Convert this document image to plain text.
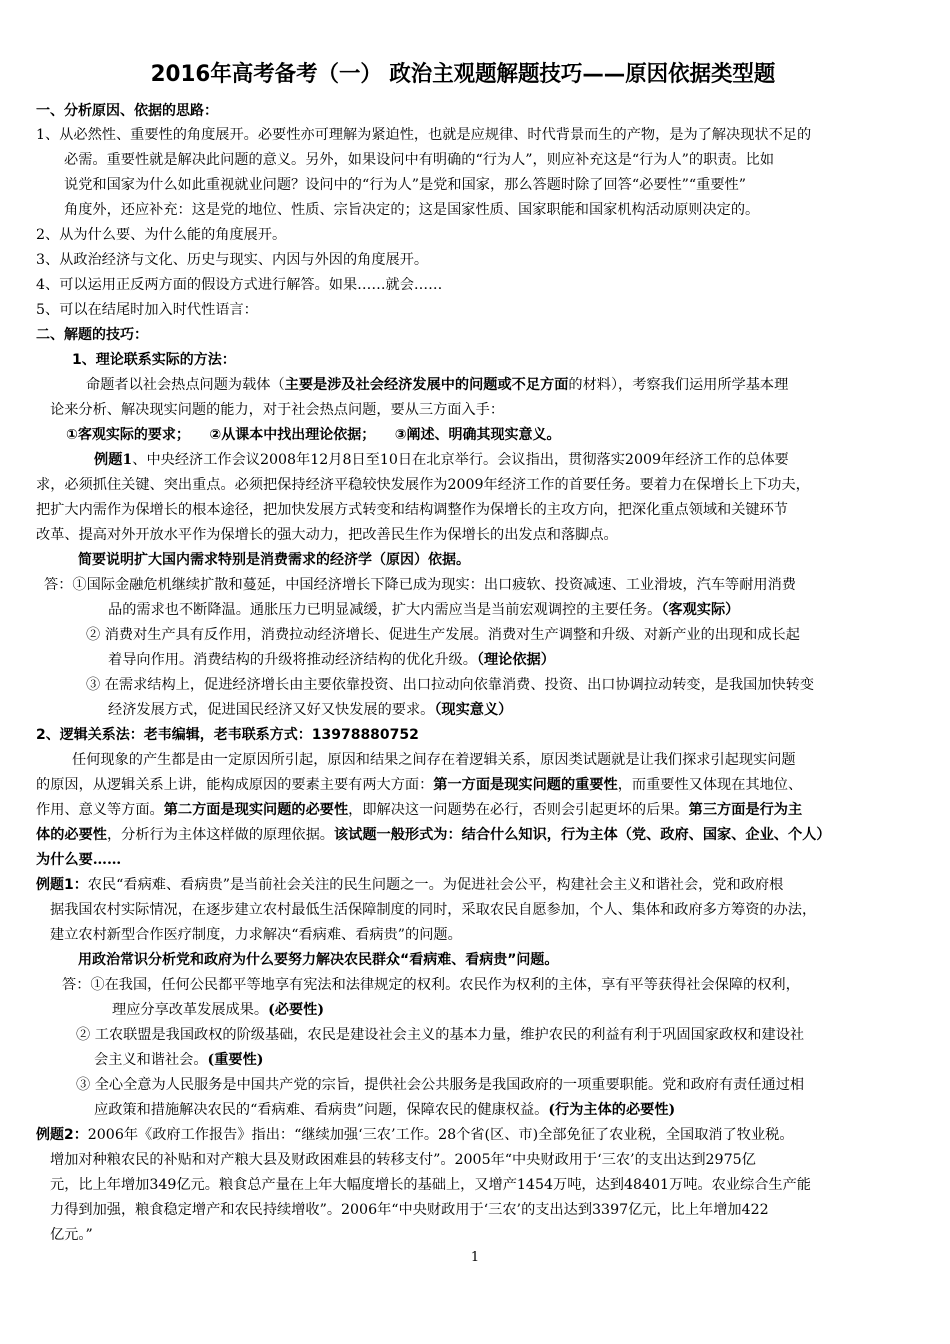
2016年高考备考（一） 政治主观题解题技巧——原因依据类型题
一、分析原因、依据的思路：
1、从必然性、重要性的角度展开。必要性亦可理解为紧迫性，也就是应规律、时代背景而生的产物，是为了解决现状不足的
必需。重要性就是解决此问题的意义。另外，如果设问中有明确的“行为人”，则应补充这是“行为人”的职责。比如
说党和国家为什么如此重视就业问题？设问中的“行为人”是党和国家，那么答题时除了回答“必要性”“重要性”
角度外，还应补充：这是党的地位、性质、宗旨决定的；这是国家性质、国家职能和国家机构活动原则决定的。
2、从为什么要、为什么能的角度展开。
3、从政治经济与文化、历史与现实、内因与外因的角度展开。
4、可以运用正反两方面的假设方式进行解答。如果……就会……
5、可以在结尾时加入时代性语言：
二、解题的技巧：
1、理论联系实际的方法：
命题者以社会热点问题为载体（主要是涉及社会经济发展中的问题或不足方面的材料），考察我们运用所学基本理
论来分析、解决现实问题的能力，对于社会热点问题，要从三方面入手：
①客观实际的要求；    ②从课本中找出理论依据；    ③阐述、明确其现实意义。
例题1、中央经济工作会议2008年12月8日至10日在北京举行。会议指出，贯彻落实2009年经济工作的总体要
求，必须抓住关键、突出重点。必须把保持经济平稳较快发展作为2009年经济工作的首要任务。要着力在保增长上下功夫，
把扩大内需作为保增长的根本途径，把加快发展方式转变和结构调整作为保增长的主攻方向，把深化重点领域和关键环节
改革、提高对外开放水平作为保增长的强大动力，把改善民生作为保增长的出发点和落脚点。
简要说明扩大国内需求特别是消费需求的经济学（原因）依据。
答：①国际金融危机继续扩散和蔓延，中国经济增长下降已成为现实：出口疲软、投资减速、工业滑坡，汽车等耐用消费
品的需求也不断降温。通胀压力已明显减缓，扩大内需应当是当前宏观调控的主要任务。（客观实际）
② 消费对生产具有反作用，消费拉动经济增长、促进生产发展。消费对生产调整和升级、对新产业的出现和成长起
着导向作用。消费结构的升级将推动经济结构的优化升级。（理论依据）
③ 在需求结构上，促进经济增长由主要依靠投资、出口拉动向依靠消费、投资、出口协调拉动转变，是我国加快转变
经济发展方式，促进国民经济又好又快发展的要求。（现实意义）
2、逻辑关系法：老韦编辑，老韦联系方式：13978880752
任何现象的产生都是由一定原因所引起，原因和结果之间存在着逻辑关系，原因类试题就是让我们探求引起现实问题
的原因，从逻辑关系上讲，能构成原因的要素主要有两大方面：第一方面是现实问题的重要性，而重要性又体现在其地位、
作用、意义等方面。第二方面是现实问题的必要性，即解决这一问题势在必行，否则会引起更坏的后果。第三方面是行为主
体的必要性，分析行为主体这样做的原理依据。该试题一般形式为：结合什么知识，行为主体（党、政府、国家、企业、个人）
为什么要……
例题1：农民“看病难、看病贵”是当前社会关注的民生问题之一。为促进社会公平，构建社会主义和谐社会，党和政府根
据我国农村实际情况，在逐步建立农村最低生活保障制度的同时，采取农民自愿参加，个人、集体和政府多方筹资的办法，
建立农村新型合作医疗制度，力求解决“看病难、看病贵”的问题。
用政治常识分析党和政府为什么要努力解决农民群众“看病难、看病贵”问题。
答：①在我国，任何公民都平等地享有宪法和法律规定的权利。农民作为权利的主体，享有平等获得社会保障的权利，
理应分享改革发展成果。(必要性)
② 工农联盟是我国政权的阶级基础，农民是建设社会主义的基本力量，维护农民的利益有利于巩固国家政权和建设社
会主义和谐社会。(重要性)
③ 全心全意为人民服务是中国共产党的宗旨，提供社会公共服务是我国政府的一项重要职能。党和政府有责任通过相
应政策和措施解决农民的“看病难、看病贵”问题，保障农民的健康权益。(行为主体的必要性)
例题2：2006年《政府工作报告》指出：“继续加强‘三农’工作。28个省(区、市)全部免征了农业税，全国取消了牧业税。
增加对种粮农民的补贴和对产粮大县及财政困难县的转移支付”。2005年“中央财政用于‘三农’的支出达到2975亿
元，比上年增加349亿元。粮食总产量在上年大幅度增长的基础上，又增产1454万吨，达到48401万吨。农业综合生产能
力得到加强，粮食稳定增产和农民持续增收”。2006年“中央财政用于‘三农’的支出达到3397亿元，比上年增加422
亿元。”
1
